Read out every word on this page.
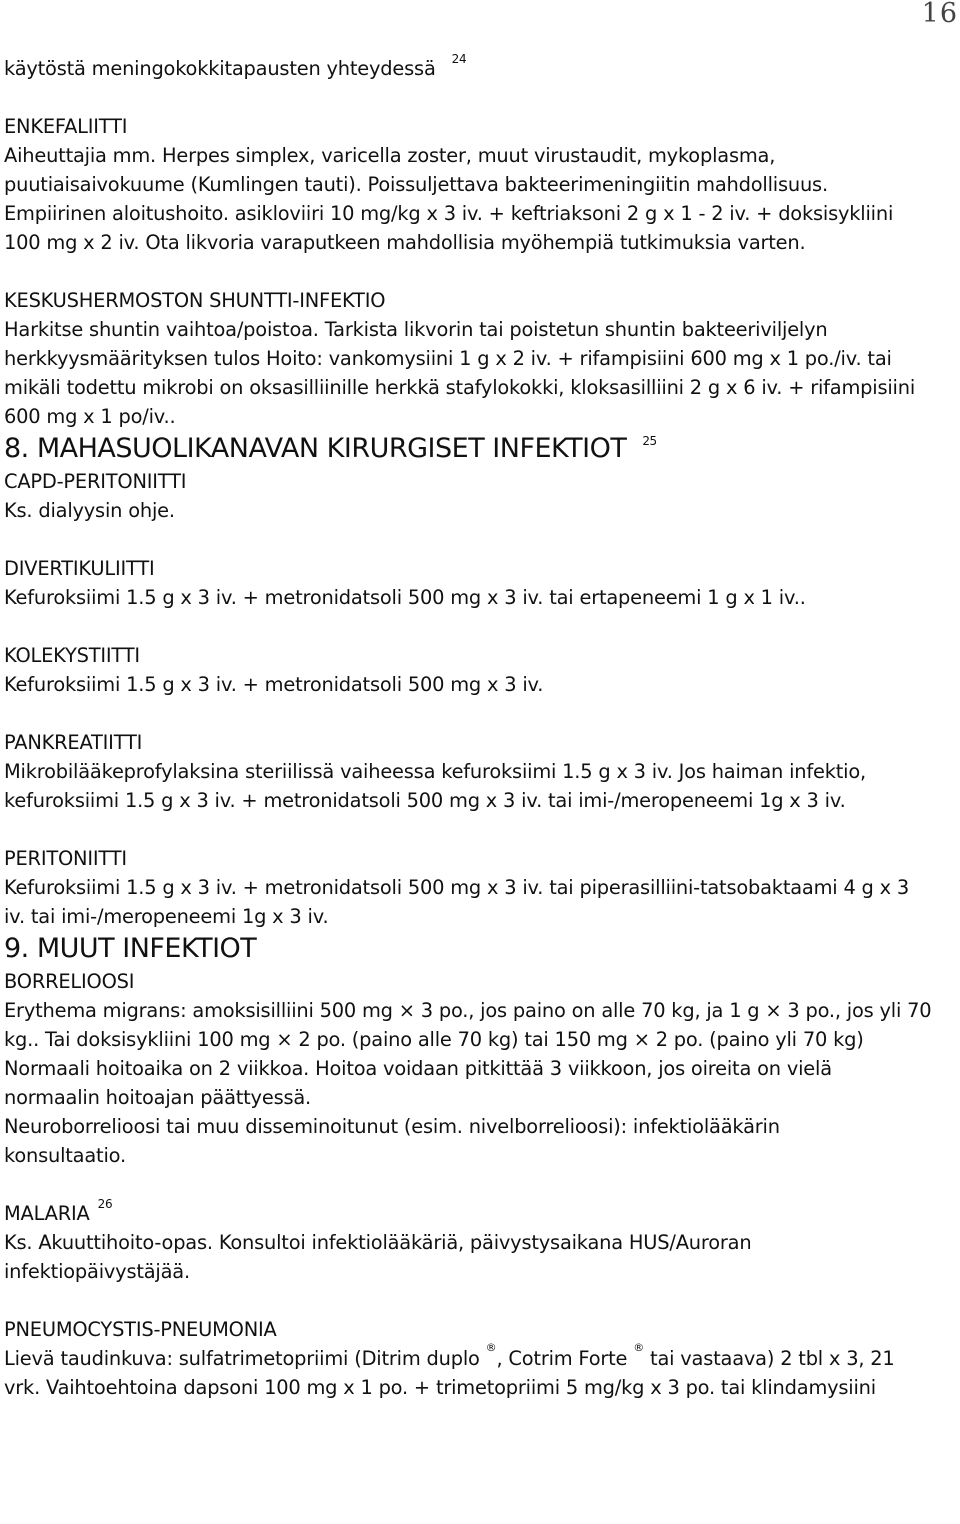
16

käytöstä meningokokkitapausten yhteydessä $^{24}$

ENKEFALIITTI

Aiheuttajia mm. Herpes simplex, varicella zoster, muut virustaudit, mykoplasma,

puutiaisaivokuume (Kumlingen tauti). Poissuljettava bakteerimeningiitin mahdollisuus.

Empiirinen aloitushoito. asikloviiri 10 mg/kg x 3 iv. + keftriaksoni 2 g x 1 - 2 iv. + doksisykliini

100 mg x 2 iv. Ota likvoria varaputkeen mahdollisia myöhempiä tutkimuksia varten.

KESKUSHERMOSTON SHUNTTI-INFEKTIO

Harkitse shuntin vaihtoa/poistoa. Tarkista likvorin tai poistetun shuntin bakteeriviljelyn

herkkyysmäärityksen tulos Hoito: vankomysiini 1 g x 2 iv. + rifampisiini 600 mg x 1 po./iv. tai

mikäli todettu mikrobi on oksasilliinille herkkä stafylokokki, kloksasilliini 2 g x 6 iv. + rifampisiini

600 mg x 1 po/iv..

8. MAHASUOLIKANAVAN KIRURGISET INFEKTIOT $^{25}$

CAPD-PERITONIITTI

Ks. dialyysin ohje.

DIVERTIKULIITTI

Kefuroksiimi 1.5 g x 3 iv. + metronidatsoli 500 mg x 3 iv. tai ertapeneemi 1 g x 1 iv..

KOLEKYSTIITTI

Kefuroksiimi 1.5 g x 3 iv. + metronidatsoli 500 mg x 3 iv.

PANKREATIITTI

Mikrobilääkeprofylaksina steriilissä vaiheessa kefuroksiimi 1.5 g x 3 iv. Jos haiman infektio,

kefuroksiimi 1.5 g x 3 iv. + metronidatsoli 500 mg x 3 iv. tai imi-/meropeneemi 1g x 3 iv.

PERITONIITTI

Kefuroksiimi 1.5 g x 3 iv. + metronidatsoli 500 mg x 3 iv. tai piperasilliini-tatsobaktaami 4 g x 3

iv. tai imi-/meropeneemi 1g x 3 iv.

9. MUUT INFEKTIOT

BORRELIOOSI

Erythema migrans: amoksisilliini 500 mg × 3 po., jos paino on alle 70 kg, ja 1 g × 3 po., jos yli 70

kg.. Tai doksisykliini 100 mg × 2 po. (paino alle 70 kg) tai 150 mg × 2 po. (paino yli 70 kg)

Normaali hoitoaika on 2 viikkoa. Hoitoa voidaan pitkittää 3 viikkoon, jos oireita on vielä

normaalin hoitoajan päättyessä.

Neuroborrelioosi tai muu disseminoitunut (esim. nivelborrelioosi): infektiolääkärin

konsultaatio.

MALARIA $^{26}$

Ks. Akuuttihoito-opas. Konsultoi infektiolääkäriä, päivystysaikana HUS/Auroran

infektiopäivystäjää.

PNEUMOCYSTIS-PNEUMONIA

Lievä taudinkuva: sulfatrimetopriimi (Ditrim duplo ®, Cotrim Forte ® tai vastaava) 2 tbl x 3, 21

vrk. Vaihtoehtoina dapsoni 100 mg x 1 po. + trimetopriimi 5 mg/kg x 3 po. tai klindamysiini
